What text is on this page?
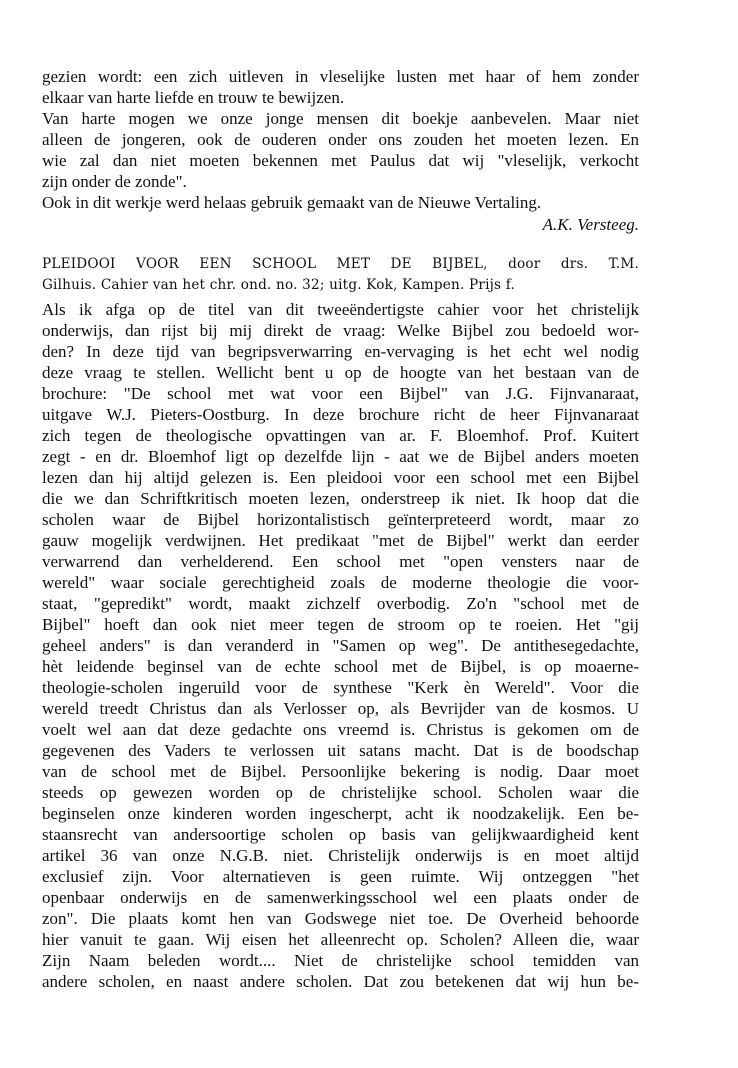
gezien wordt: een zich uitleven in vleselijke lusten met haar of hem zonder
elkaar van harte liefde en trouw te bewijzen.
Van harte mogen we onze jonge mensen dit boekje aanbevelen. Maar niet
alleen de jongeren, ook de ouderen onder ons zouden het moeten lezen. En
wie zal dan niet moeten bekennen met Paulus dat wij "vleselijk, verkocht
zijn onder de zonde".
Ook in dit werkje werd helaas gebruik gemaakt van de Nieuwe Vertaling.
A.K. Versteeg.
PLEIDOOI VOOR EEN SCHOOL MET DE BIJBEL, door drs. T.M.
Gilhuis. Cahier van het chr. ond. no. 32; uitg. Kok, Kampen. Prijs f.
Als ik afga op de titel van dit tweeëndertigste cahier voor het christelijk
onderwijs, dan rijst bij mij direkt de vraag: Welke Bijbel zou bedoeld wor-
den? In deze tijd van begripsverwarring en-vervaging is het echt wel nodig
deze vraag te stellen. Wellicht bent u op de hoogte van het bestaan van de
brochure: "De school met wat voor een Bijbel" van J.G. Fijnvanaraat,
uitgave W.J. Pieters-Oostburg. In deze brochure richt de heer Fijnvanaraat
zich tegen de theologische opvattingen van ar. F. Bloemhof. Prof. Kuitert
zegt - en dr. Bloemhof ligt op dezelfde lijn - aat we de Bijbel anders moeten
lezen dan hij altijd gelezen is. Een pleidooi voor een school met een Bijbel
die we dan Schriftkritisch moeten lezen, onderstreep ik niet. Ik hoop dat die
scholen waar de Bijbel horizontalistisch geïnterpreteerd wordt, maar zo
gauw mogelijk verdwijnen. Het predikaat "met de Bijbel" werkt dan eerder
verwarrend dan verhelderend. Een school met "open vensters naar de
wereld" waar sociale gerechtigheid zoals de moderne theologie die voor-
staat, "gepredikt" wordt, maakt zichzelf overbodig. Zo'n "school met de
Bijbel" hoeft dan ook niet meer tegen de stroom op te roeien. Het "gij
geheel anders" is dan veranderd in "Samen op weg". De antithesegedachte,
hèt leidende beginsel van de echte school met de Bijbel, is op moaerne-
theologie-scholen ingeruild voor de synthese "Kerk èn Wereld". Voor die
wereld treedt Christus dan als Verlosser op, als Bevrijder van de kosmos. U
voelt wel aan dat deze gedachte ons vreemd is. Christus is gekomen om de
gegevenen des Vaders te verlossen uit satans macht. Dat is de boodschap
van de school met de Bijbel. Persoonlijke bekering is nodig. Daar moet
steeds op gewezen worden op de christelijke school. Scholen waar die
beginselen onze kinderen worden ingescherpt, acht ik noodzakelijk. Een be-
staansrecht van andersoortige scholen op basis van gelijkwaardigheid kent
artikel 36 van onze N.G.B. niet. Christelijk onderwijs is en moet altijd
exclusief zijn. Voor alternatieven is geen ruimte. Wij ontzeggen "het
openbaar onderwijs en de samenwerkingsschool wel een plaats onder de
zon". Die plaats komt hen van Godswege niet toe. De Overheid behoorde
hier vanuit te gaan. Wij eisen het alleenrecht op. Scholen? Alleen die, waar
Zijn Naam beleden wordt.... Niet de christelijke school temidden van
andere scholen, en naast andere scholen. Dat zou betekenen dat wij hun be-
